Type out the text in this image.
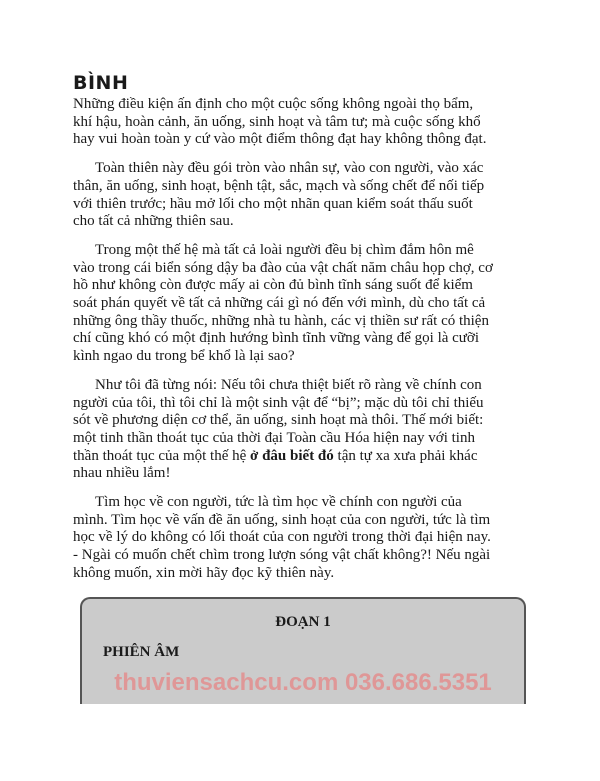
BÌNH
Những điều kiện ấn định cho một cuộc sống không ngoài thọ bẩm,
khí hậu, hoàn cảnh, ăn uống, sinh hoạt và tâm tư; mà cuộc sống khổ
hay vui hoàn toàn y cứ vào một điểm thông đạt hay không thông đạt.
Toàn thiên này đều gói tròn vào nhân sự, vào con người, vào xác
thân, ăn uống, sinh hoạt, bệnh tật, sắc, mạch và sống chết để nối tiếp
với thiên trước; hầu mở lối cho một nhãn quan kiểm soát thấu suốt
cho tất cả những thiên sau.
Trong một thế hệ mà tất cả loài người đều bị chìm đắm hôn mê
vào trong cái biển sóng dậy ba đào của vật chất năm châu họp chợ, cơ
hồ như không còn được mấy ai còn đủ bình tĩnh sáng suốt để kiểm
soát phán quyết về tất cả những cái gì nó đến với mình, dù cho tất cả
những ông thầy thuốc, những nhà tu hành, các vị thiền sư rất có thiện
chí cũng khó có một định hướng bình tĩnh vững vàng để gọi là cưỡi
kình ngao du trong bể khổ là lại sao?
Như tôi đã từng nói: Nếu tôi chưa thiệt biết rõ ràng về chính con
người của tôi, thì tôi chỉ là một sinh vật để “bị”; mặc dù tôi chỉ thiếu
sót về phương diện cơ thể, ăn uống, sinh hoạt mà thôi. Thế mới biết:
một tinh thần thoát tục của thời đại Toàn cầu Hóa hiện nay với tinh
thần thoát tục của một thế hệ ở đâu biết đó tận tự xa xưa phải khác
nhau nhiều lắm!
Tìm học về con người, tức là tìm học về chính con người của
mình. Tìm học về vấn đề ăn uống, sinh hoạt của con người, tức là tìm
học về lý do không có lối thoát của con người trong thời đại hiện nay.
- Ngài có muốn chết chìm trong lượn sóng vật chất không?! Nếu ngài
không muốn, xin mời hãy đọc kỹ thiên này.
ĐOẠN 1
PHIÊN ÂM
thuviensachcu.com 036.686.5351
